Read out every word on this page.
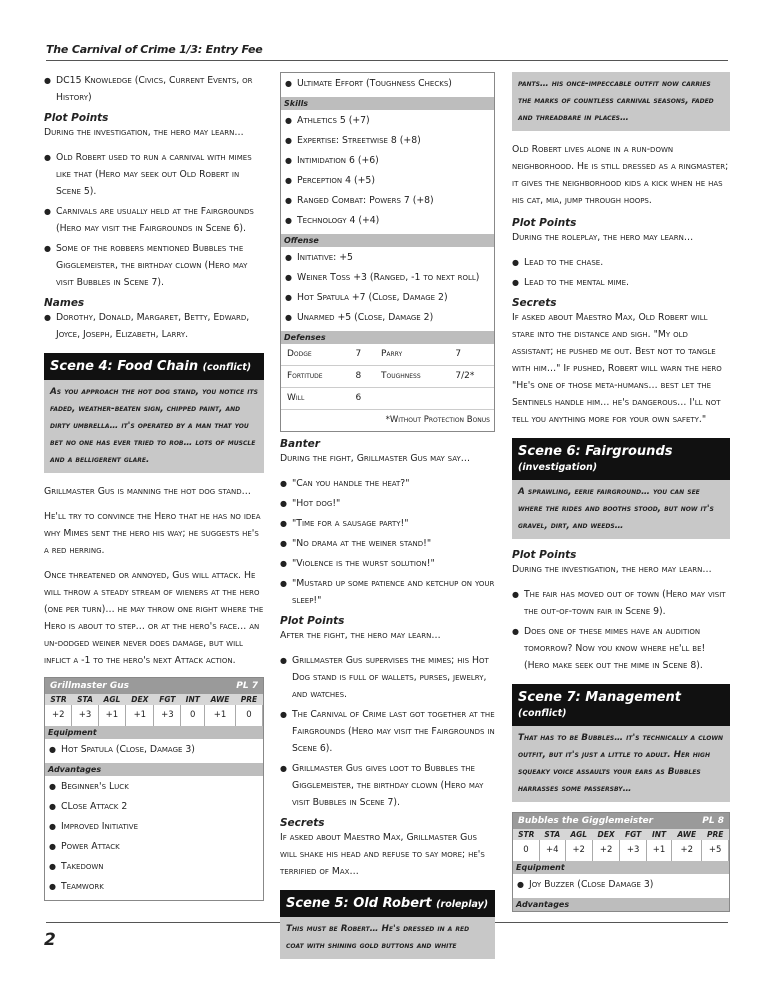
The Carnival of Crime 1/3: Entry Fee
2
● DC15 Knowledge (Civics, Current Events, or History)
Plot Points

During the investigation, the hero may learn…

● Old Robert used to run a carnival with mimes like that (Hero may seek out Old Robert in Scene 5).
● Carnivals are usually held at the Fairgrounds (Hero may visit the Fairgrounds in Scene 6).
● Some of the robbers mentioned Bubbles the Gigglemeister, the birthday clown (Hero may visit Bubbles in Scene 7).
Names
● Dorothy, Donald, Margaret, Betty, Edward, Joyce, Joseph, Elizabeth, Larry.
Scene 4: Food Chain (conflict)
As you approach the hot dog stand, you notice its faded, weather-beaten sign, chipped paint, and dirty umbrella… it's operated by a man that you bet no one has ever tried to rob… lots of muscle and a belligerent glare.

Grillmaster Gus is manning the hot dog stand…

He'll try to convince the Hero that he has no idea why Mimes sent the hero his way; he suggests he's a red herring.

Once threatened or annoyed, Gus will attack. He will throw a steady stream of wieners at the hero (one per turn)… he may throw one right where the Hero is about to step… or at the hero's face… an un-dodged weiner never does damage, but will inflict a -1 to the hero's next Attack action.

Grillmaster Gus	PL 7
STR	STA	AGL	DEX	FGT	INT	AWE	PRE
+2	+3	+1	+1	+3	0	+1	0
Equipment
● Hot Spatula (Close, Damage 3)
Advantages
● Beginner's Luck
● CLose Attack 2
● Improved Initiative
● Power Attack
● Takedown
● Teamwork
● Ultimate Effort (Toughness Checks)
Skills
● Athletics 5 (+7)
● Expertise: Streetwise 8 (+8)
● Intimidation 6 (+6)
● Perception 4 (+5)
● Ranged Combat: Powers 7 (+8)
● Technology 4 (+4)
Offense
● Initiative: +5
● Weiner Toss +3 (Ranged, -1 to next roll)
● Hot Spatula +7 (Close, Damage 2)
● Unarmed +5 (Close, Damage 2)
Defenses
Dodge	7	Parry	7
Fortitude	8	Toughness	7/2*
Will	6		
*Without Protection Bonus
Banter

During the fight, Grillmaster Gus may say…

● "Can you handle the heat?"
● "Hot dog!"
● "Time for a sausage party!"
● "No drama at the weiner stand!"
● "Violence is the wurst solution!"
● "Mustard up some patience and ketchup on your sleep!"
Plot Points

After the fight, the hero may learn…

● Grillmaster Gus supervises the mimes; his Hot Dog stand is full of wallets, purses, jewelry, and watches.
● The Carnival of Crime last got together at the Fairgrounds (Hero may visit the Fairgrounds in Scene 6).
● Grillmaster Gus gives loot to Bubbles the Gigglemeister, the birthday clown (Hero may visit Bubbles in Scene 7).
Secrets

If asked about Maestro Max, Grillmaster Gus will shake his head and refuse to say more; he's terrified of Max…

Scene 5: Old Robert (roleplay)
This must be Robert… He's dressed in a red coat with shining gold buttons and white
pants… his once-impeccable outfit now carries the marks of countless carnival seasons, faded and threadbare in places…

Old Robert lives alone in a run-down neighborhood. He is still dressed as a ringmaster; it gives the neighborhood kids a kick when he has his cat, mia, jump through hoops.

Plot Points

During the roleplay, the hero may learn…

● Lead to the chase.
● Lead to the mental mime.
Secrets

If asked about Maestro Max, Old Robert will stare into the distance and sigh. "My old assistant; he pushed me out. Best not to tangle with him…" If pushed, Robert will warn the hero "He's one of those meta-humans… best let the Sentinels handle him… he's dangerous… I'll not tell you anything more for your own safety."

Scene 6: Fairgrounds (investigation)
A sprawling, eerie fairground… you can see where the rides and booths stood, but now it's gravel, dirt, and weeds…
Plot Points

During the investigation, the hero may learn…

● The fair has moved out of town (Hero may visit the out-of-town fair in Scene 9).
● Does one of these mimes have an audition tomorrow? Now you know where he'll be! (Hero make seek out the mime in Scene 8).
Scene 7: Management (conflict)
That has to be Bubbles… it's technically a clown outfit, but it's just a little to adult. Her high squeaky voice assaults your ears as Bubbles harrasses some passersby…
Bubbles the Gigglemeister	PL 8
STR	STA	AGL	DEX	FGT	INT	AWE	PRE
0	+4	+2	+2	+3	+1	+2	+5
Equipment
● Joy Buzzer (Close Damage 3)
Advantages
